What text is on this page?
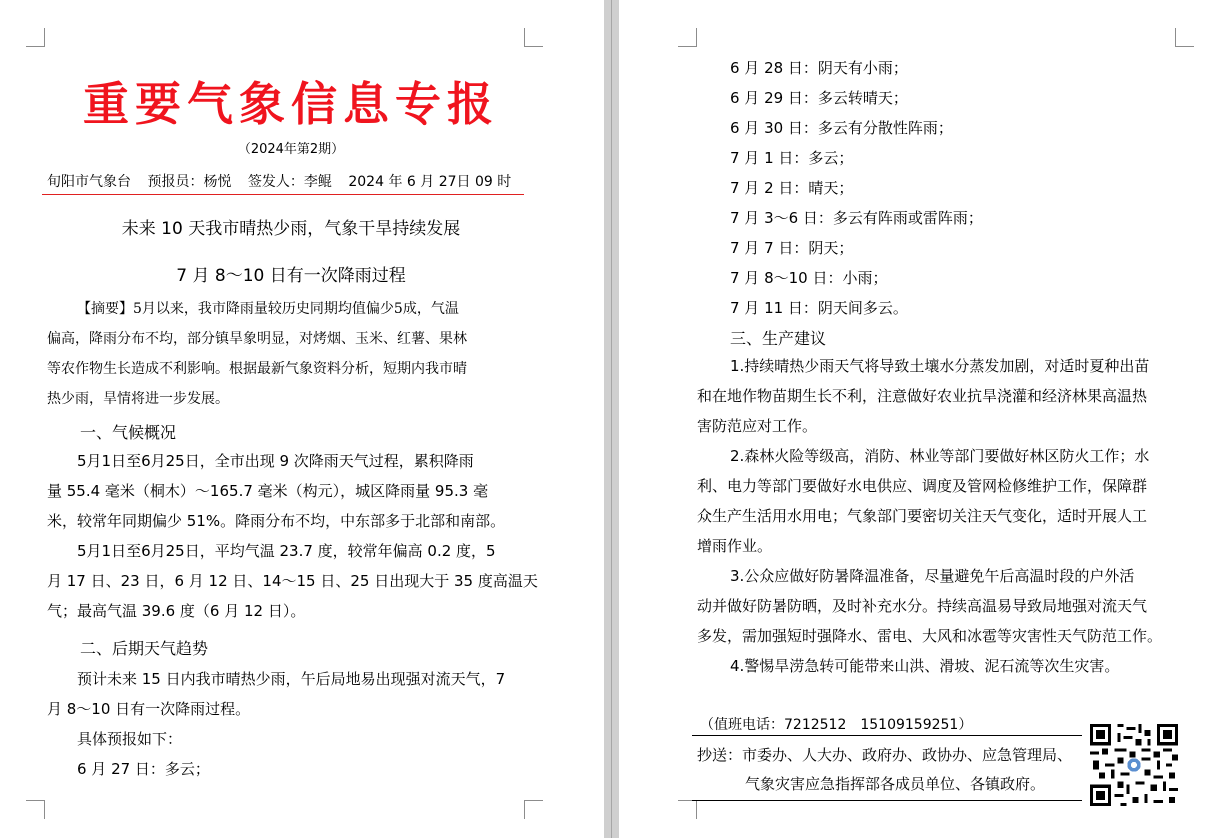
重要气象信息专报
（2024年第2期）
旬阳市气象台 预报员：杨悦 签发人：李鲲 2024 年 6 月 27日 09 时
未来 10 天我市晴热少雨，气象干旱持续发展
7 月 8～10 日有一次降雨过程
【摘要】5月以来，我市降雨量较历史同期均值偏少5成，气温
偏高，降雨分布不均，部分镇旱象明显，对烤烟、玉米、红薯、果林
等农作物生长造成不利影响。根据最新气象资料分析，短期内我市晴
热少雨，旱情将进一步发展。
一、气候概况
5月1日至6月25日，全市出现 9 次降雨天气过程，累积降雨
量 55.4 毫米（桐木）～165.7 毫米（构元），城区降雨量 95.3 毫
米，较常年同期偏少 51%。降雨分布不均，中东部多于北部和南部。
5月1日至6月25日，平均气温 23.7 度，较常年偏高 0.2 度，5
月 17 日、23 日，6 月 12 日、14～15 日、25 日出现大于 35 度高温天
气；最高气温 39.6 度（6 月 12 日）。
二、后期天气趋势
预计未来 15 日内我市晴热少雨，午后局地易出现强对流天气，7
月 8～10 日有一次降雨过程。
具体预报如下：
6 月 27 日：多云；
6 月 28 日：阴天有小雨；
6 月 29 日：多云转晴天；
6 月 30 日：多云有分散性阵雨；
7 月 1 日：多云；
7 月 2 日：晴天；
7 月 3～6 日：多云有阵雨或雷阵雨；
7 月 7 日：阴天；
7 月 8～10 日：小雨；
7 月 11 日：阴天间多云。
三、生产建议
1.持续晴热少雨天气将导致土壤水分蒸发加剧，对适时夏种出苗
和在地作物苗期生长不利，注意做好农业抗旱浇灌和经济林果高温热
害防范应对工作。
2.森林火险等级高，消防、林业等部门要做好林区防火工作；水
利、电力等部门要做好水电供应、调度及管网检修维护工作，保障群
众生产生活用水用电；气象部门要密切关注天气变化，适时开展人工
增雨作业。
3.公众应做好防暑降温准备，尽量避免午后高温时段的户外活
动并做好防暑防晒，及时补充水分。持续高温易导致局地强对流天气
多发，需加强短时强降水、雷电、大风和冰雹等灾害性天气防范工作。
4.警惕旱涝急转可能带来山洪、滑坡、泥石流等次生灾害。
（值班电话：7212512　15109159251）
抄送：市委办、人大办、政府办、政协办、应急管理局、
气象灾害应急指挥部各成员单位、各镇政府。
